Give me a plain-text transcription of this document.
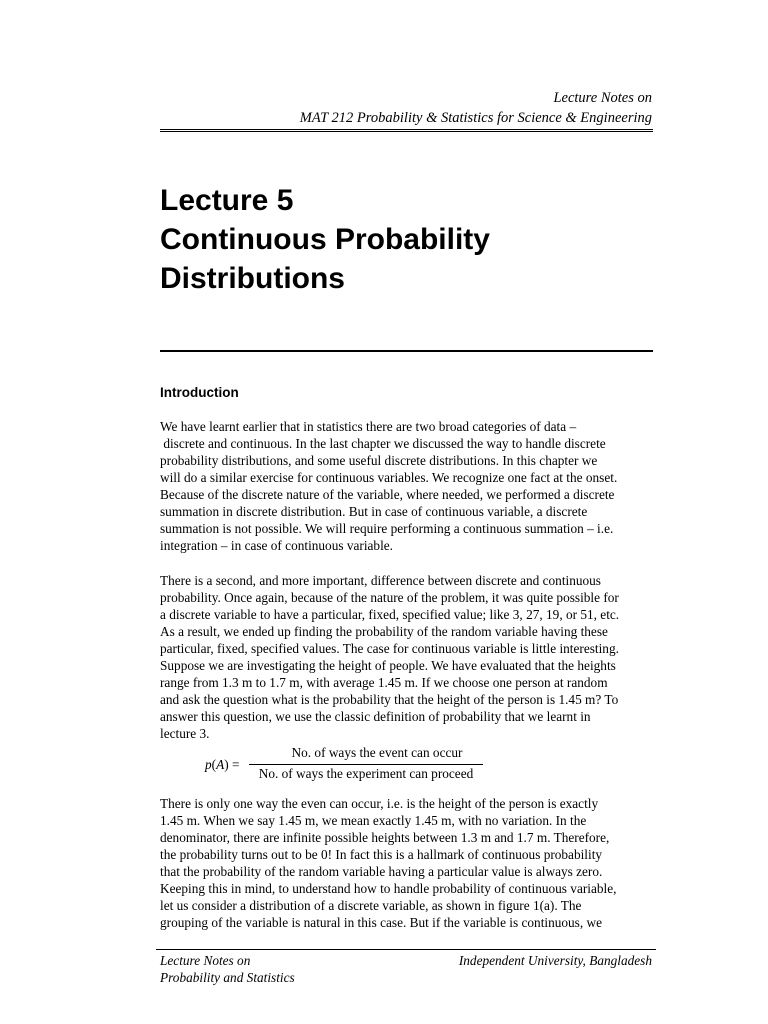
Lecture Notes on
MAT 212 Probability & Statistics for Science & Engineering
Lecture 5
Continuous Probability
Distributions
Introduction
We have learnt earlier that in statistics there are two broad categories of data –
discrete and continuous. In the last chapter we discussed the way to handle discrete
probability distributions, and some useful discrete distributions. In this chapter we
will do a similar exercise for continuous variables. We recognize one fact at the onset.
Because of the discrete nature of the variable, where needed, we performed a discrete
summation in discrete distribution. But in case of continuous variable, a discrete
summation is not possible. We will require performing a continuous summation – i.e.
integration – in case of continuous variable.
There is a second, and more important, difference between discrete and continuous
probability. Once again, because of the nature of the problem, it was quite possible for
a discrete variable to have a particular, fixed, specified value; like 3, 27, 19, or 51, etc.
As a result, we ended up finding the probability of the random variable having these
particular, fixed, specified values. The case for continuous variable is little interesting.
Suppose we are investigating the height of people. We have evaluated that the heights
range from 1.3 m to 1.7 m, with average 1.45 m. If we choose one person at random
and ask the question what is the probability that the height of the person is 1.45 m? To
answer this question, we use the classic definition of probability that we learnt in
lecture 3.
p(A) =
No. of ways the event can occur
No. of ways the experiment can proceed
There is only one way the even can occur, i.e. is the height of the person is exactly
1.45 m. When we say 1.45 m, we mean exactly 1.45 m, with no variation. In the
denominator, there are infinite possible heights between 1.3 m and 1.7 m. Therefore,
the probability turns out to be 0! In fact this is a hallmark of continuous probability
that the probability of the random variable having a particular value is always zero.
Keeping this in mind, to understand how to handle probability of continuous variable,
let us consider a distribution of a discrete variable, as shown in figure 1(a). The
grouping of the variable is natural in this case. But if the variable is continuous, we
Lecture Notes on
Probability and Statistics
Independent University, Bangladesh
